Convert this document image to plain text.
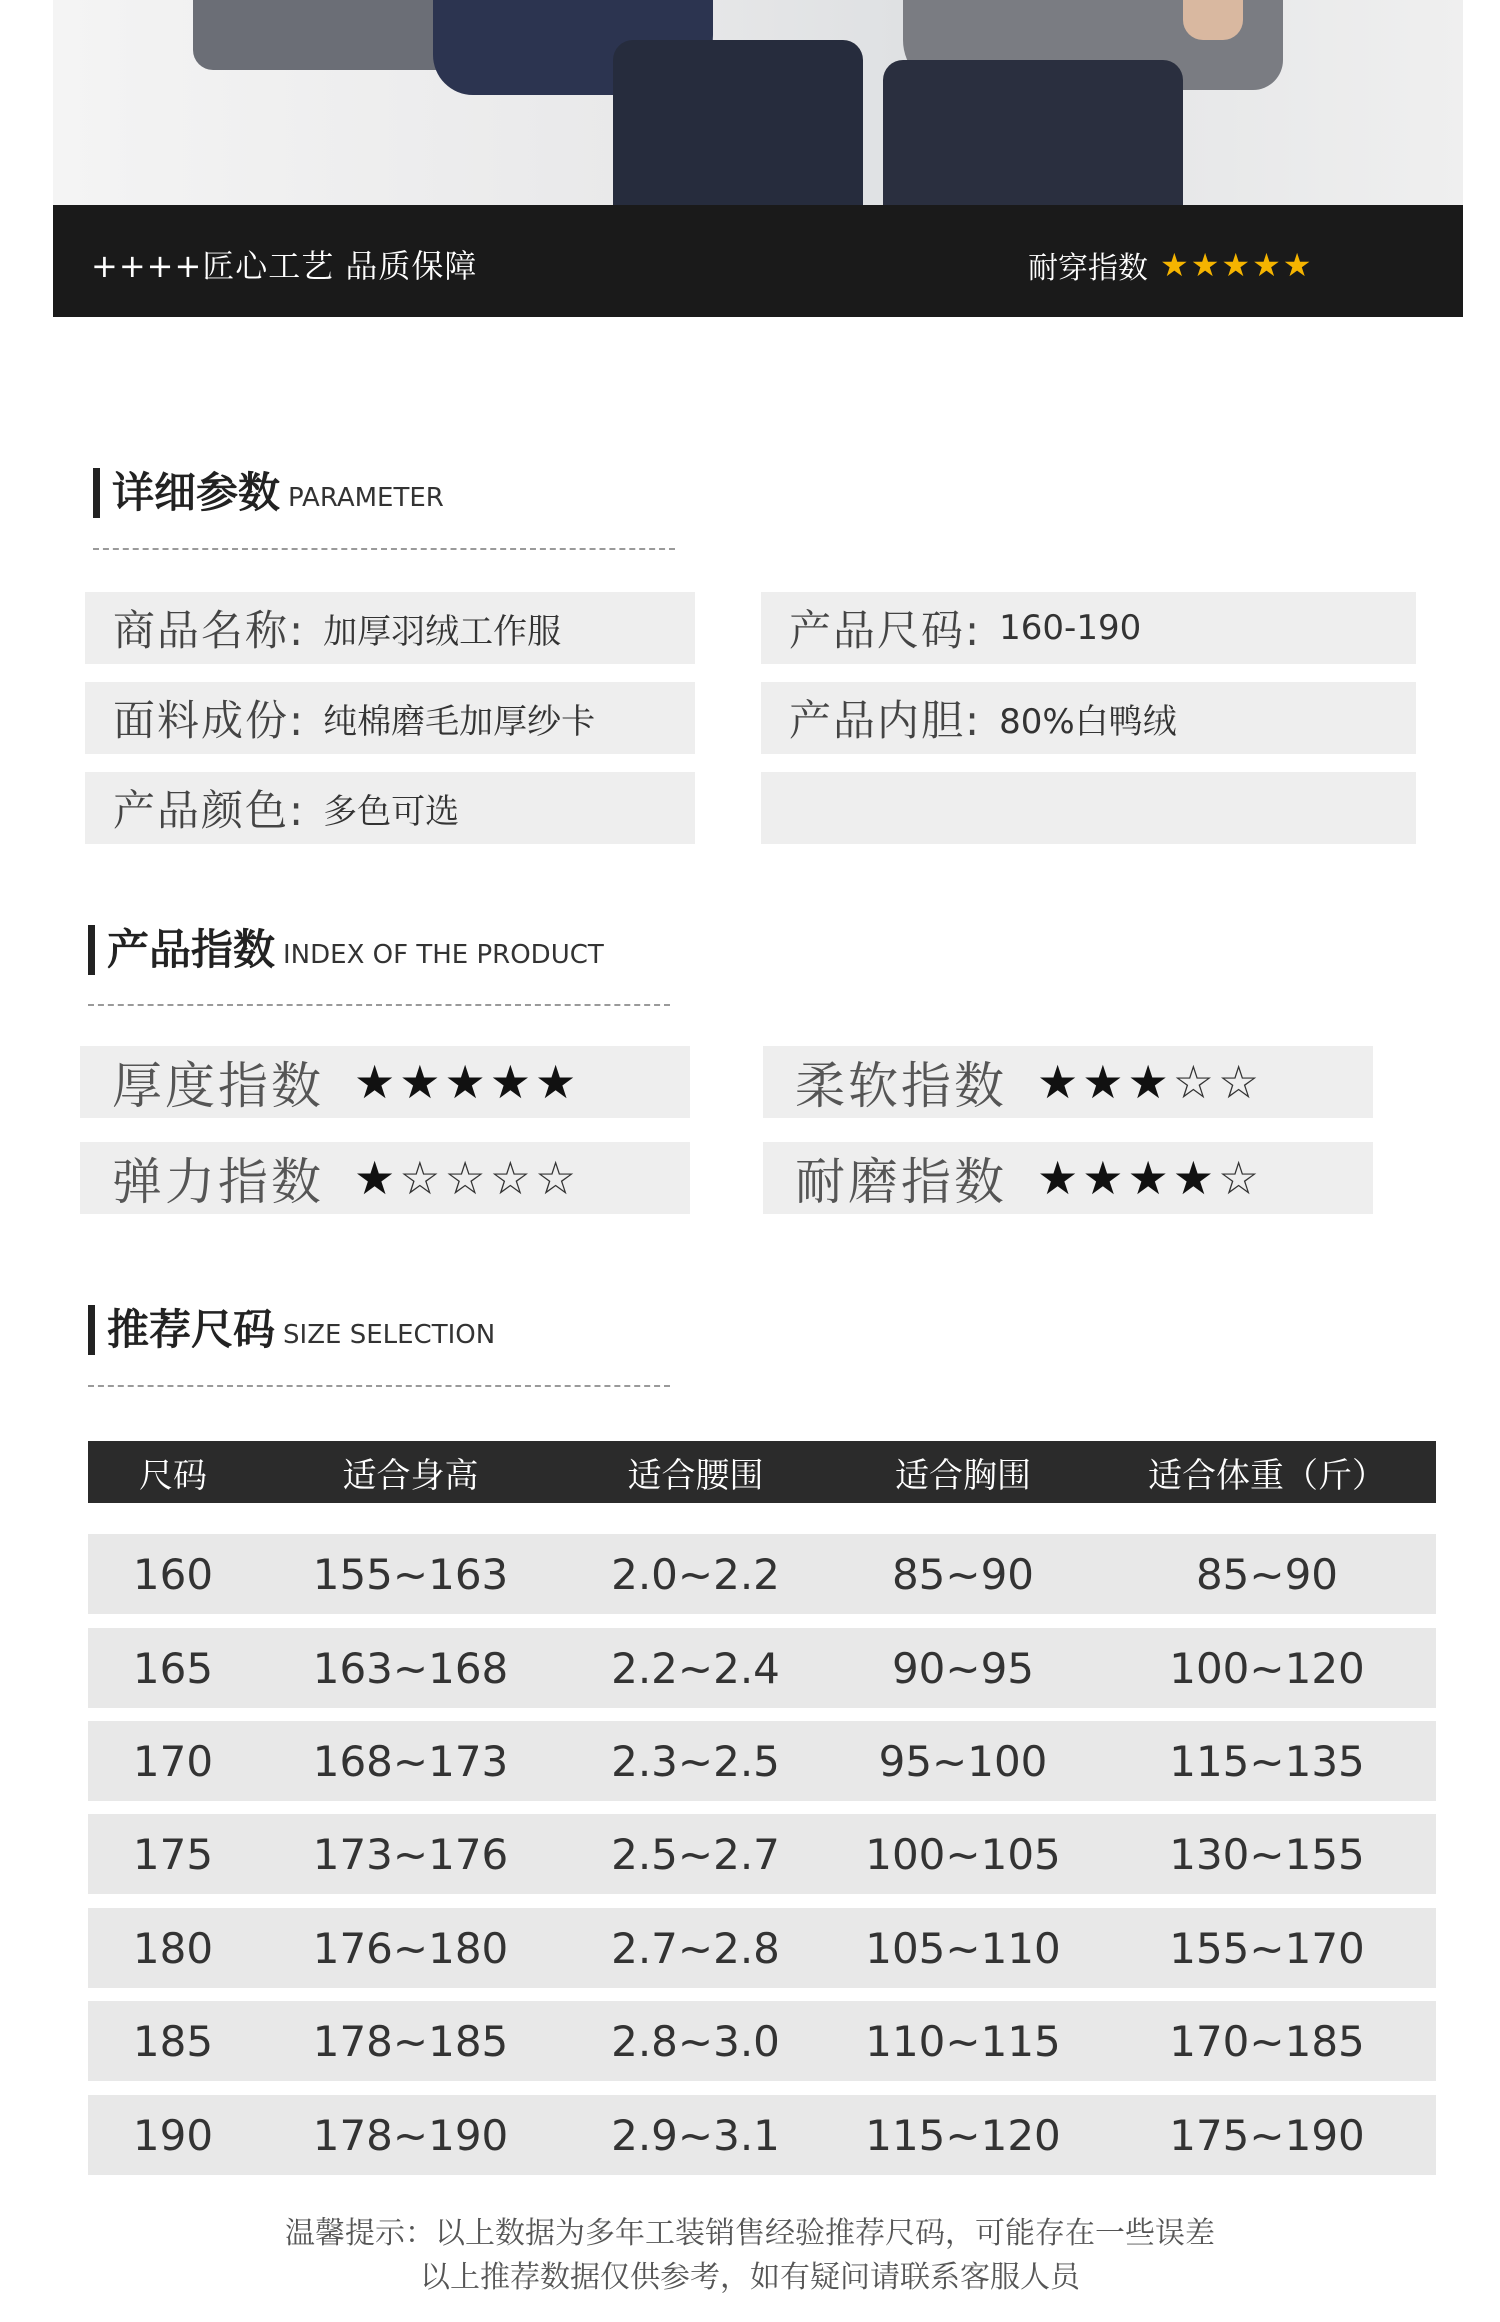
++++匠心工艺 品质保障	耐穿指数 ★★★★★
详细参数 PARAMETER
商品名称: 加厚羽绒工作服	产品尺码: 160-190
面料成份: 纯棉磨毛加厚纱卡	产品内胆: 80%白鸭绒
产品颜色: 多色可选
产品指数 INDEX OF THE PRODUCT
厚度指数 ★★★★★	柔软指数 ★★★☆☆
弹力指数 ★☆☆☆☆	耐磨指数 ★★★★☆
推荐尺码 SIZE SELECTION
尺码	适合身高	适合腰围	适合胸围	适合体重（斤）
160	155~163	2.0~2.2	85~90	85~90
165	163~168	2.2~2.4	90~95	100~120
170	168~173	2.3~2.5	95~100	115~135
175	173~176	2.5~2.7	100~105	130~155
180	176~180	2.7~2.8	105~110	155~170
185	178~185	2.8~3.0	110~115	170~185
190	178~190	2.9~3.1	115~120	175~190
温馨提示：以上数据为多年工装销售经验推荐尺码，可能存在一些误差
以上推荐数据仅供参考，如有疑问请联系客服人员
